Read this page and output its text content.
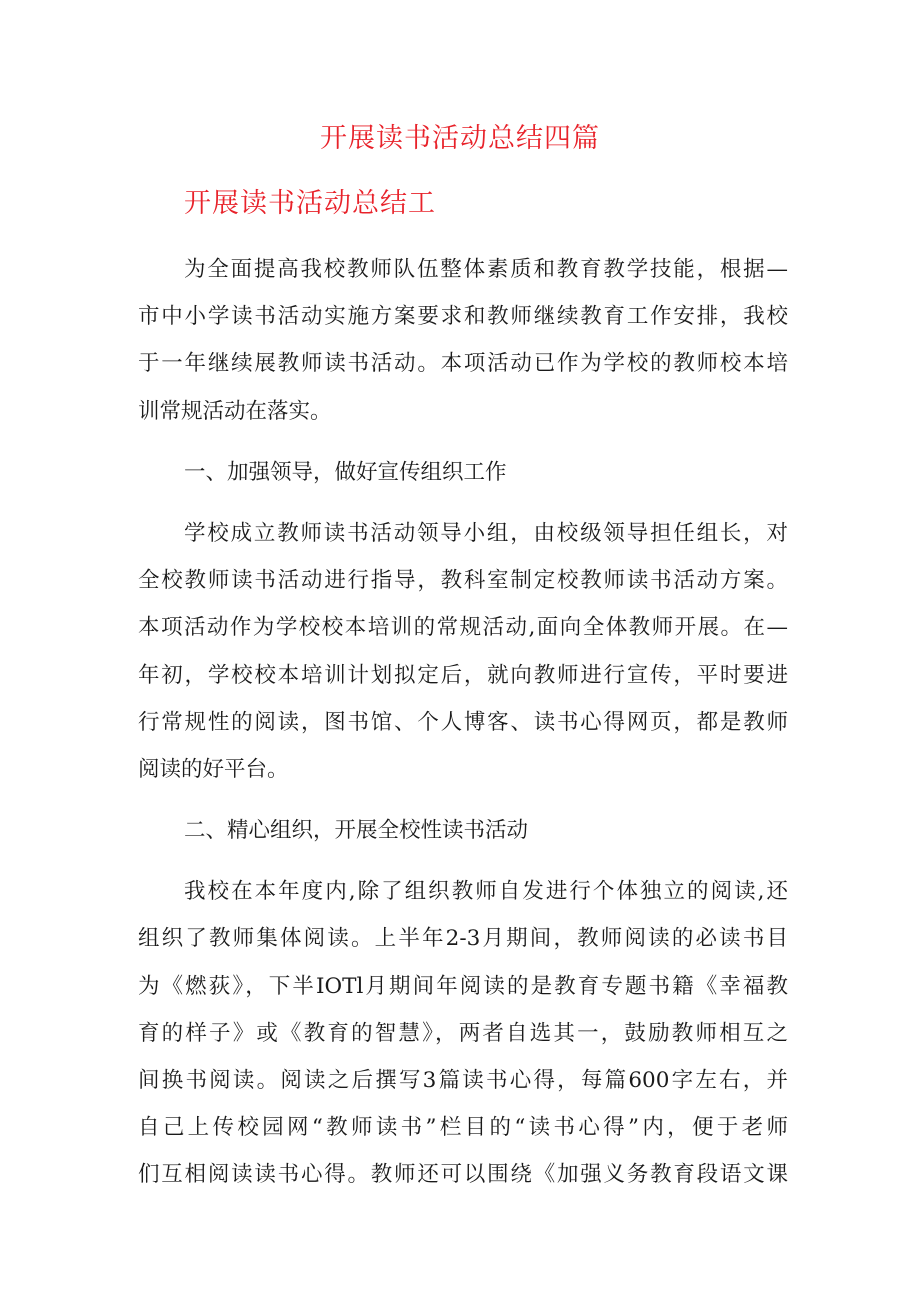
开展读书活动总结四篇
开展读书活动总结工
为全面提高我校教师队伍整体素质和教育教学技能，根据—
市中小学读书活动实施方案要求和教师继续教育工作安排，我校
于一年继续展教师读书活动。本项活动已作为学校的教师校本培
训常规活动在落实。
一、加强领导，做好宣传组织工作
学校成立教师读书活动领导小组，由校级领导担任组长，对
全校教师读书活动进行指导，教科室制定校教师读书活动方案。
本项活动作为学校校本培训的常规活动,面向全体教师开展。在—
年初，学校校本培训计划拟定后，就向教师进行宣传，平时要进
行常规性的阅读，图书馆、个人博客、读书心得网页，都是教师
阅读的好平台。
二、精心组织，开展全校性读书活动
我校在本年度内,除了组织教师自发进行个体独立的阅读,还
组织了教师集体阅读。上半年2-3月期间，教师阅读的必读书目
为《燃荻》，下半IOTl月期间年阅读的是教育专题书籍《幸福教
育的样子》或《教育的智慧》，两者自选其一，鼓励教师相互之
间换书阅读。阅读之后撰写3篇读书心得，每篇600字左右，并
自己上传校园网“教师读书”栏目的“读书心得”内，便于老师
们互相阅读读书心得。教师还可以围绕《加强义务教育段语文课
